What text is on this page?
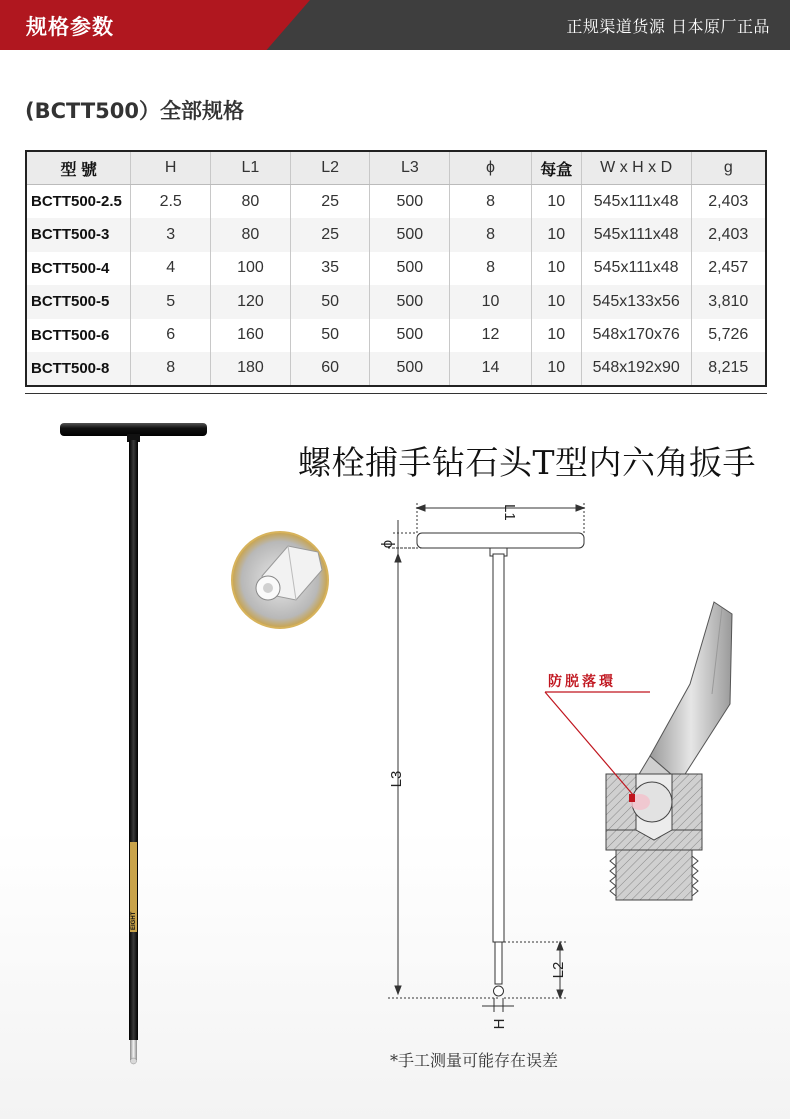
规格参数	正规渠道货源 日本原厂正品
(BCTT500）全部规格
型 號	H	L1	L2	L3	ϕ	每盒	W x H x D	g
BCTT500-2.5	2.5	80	25	500	8	10	545x111x48	2,403
BCTT500-3	3	80	25	500	8	10	545x111x48	2,403
BCTT500-4	4	100	35	500	8	10	545x111x48	2,457
BCTT500-5	5	120	50	500	10	10	545x133x56	3,810
BCTT500-6	6	160	50	500	12	10	548x170x76	5,726
BCTT500-8	8	180	60	500	14	10	548x192x90	8,215
EIGHT
L1
ϕ
L3
L2
H
防脱落環
螺栓捕手钻石头T型内六角扳手
*手工测量可能存在误差
